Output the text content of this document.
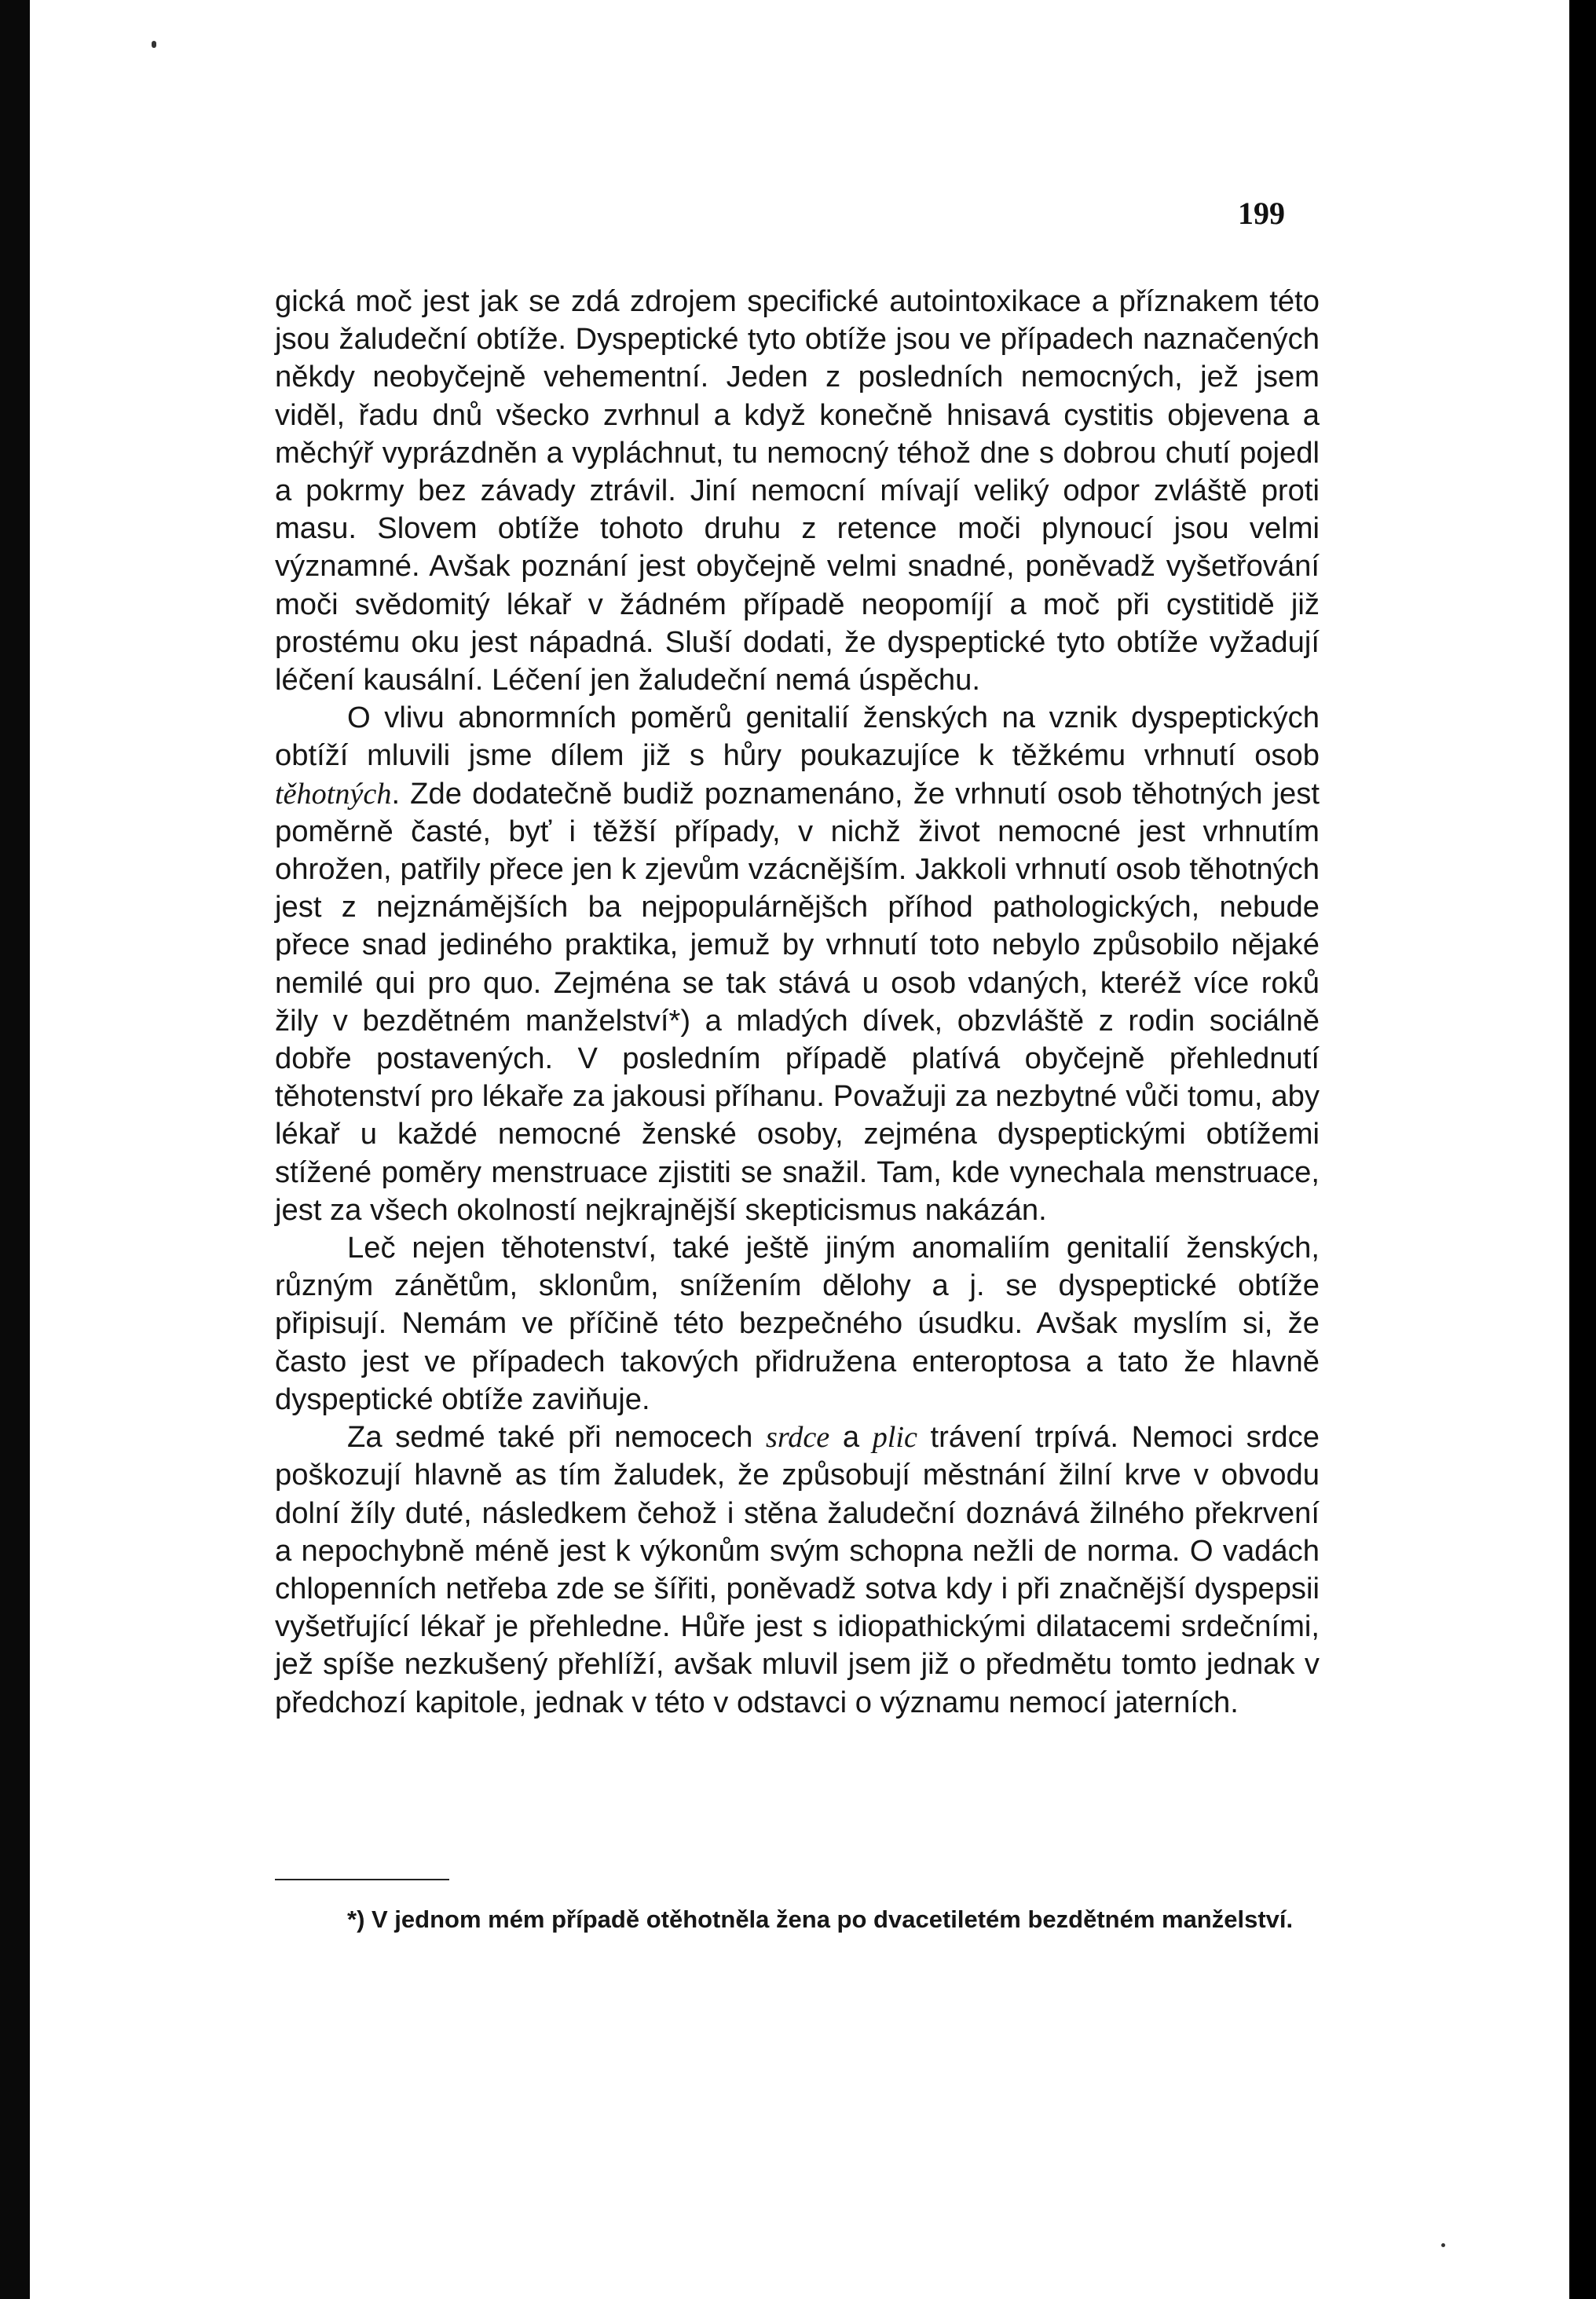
199

gická moč jest jak se zdá zdrojem specifické autointoxikace a příznakem této jsou žaludeční obtíže. Dyspeptické tyto obtíže jsou ve případech naznačených někdy neobyčejně vehementní. Jeden z posledních nemocných, jež jsem viděl, řadu dnů všecko zvrhnul a když konečně hnisavá cystitis objevena a měchýř vyprázdněn a vypláchnut, tu nemocný téhož dne s dobrou chutí pojedl a pokrmy bez závady ztrávil. Jiní nemocní mívají veliký odpor zvláště proti masu. Slovem obtíže tohoto druhu z retence moči plynoucí jsou velmi významné. Avšak poznání jest obyčejně velmi snadné, poněvadž vyšetřování moči svědomitý lékař v žádném případě neopomíjí a moč při cystitidě již prostému oku jest nápadná. Sluší dodati, že dyspeptické tyto obtíže vyžadují léčení kausální. Léčení jen žaludeční nemá úspěchu.

O vlivu abnormních poměrů genitalií ženských na vznik dyspeptických obtíží mluvili jsme dílem již s hůry poukazujíce k těžkému vrhnutí osob těhotných. Zde dodatečně budiž poznamenáno, že vrhnutí osob těhotných jest poměrně časté, byť i těžší případy, v nichž život nemocné jest vrhnutím ohrožen, patřily přece jen k zjevům vzácnějším. Jakkoli vrhnutí osob těhotných jest z nejznámějších ba nejpopulárnějšch příhod pathologických, nebude přece snad jediného praktika, jemuž by vrhnutí toto nebylo způsobilo nějaké nemilé qui pro quo. Zejména se tak stává u osob vdaných, kteréž více roků žily v bezdětném manželství*) a mladých dívek, obzvláště z rodin sociálně dobře postavených. V posledním případě platívá obyčejně přehlednutí těhotenství pro lékaře za jakousi příhanu. Považuji za nezbytné vůči tomu, aby lékař u každé nemocné ženské osoby, zejména dyspeptickými obtížemi stížené poměry menstruace zjistiti se snažil. Tam, kde vynechala menstruace, jest za všech okolností nejkrajnější skepticismus nakázán.

Leč nejen těhotenství, také ještě jiným anomaliím genitalií ženských, různým zánětům, sklonům, snížením dělohy a j. se dyspeptické obtíže připisují. Nemám ve příčině této bezpečného úsudku. Avšak myslím si, že často jest ve případech takových přidružena enteroptosa a tato že hlavně dyspeptické obtíže zaviňuje.

Za sedmé také při nemocech srdce a plic trávení trpívá. Nemoci srdce poškozují hlavně as tím žaludek, že způsobují městnání žilní krve v obvodu dolní žíly duté, následkem čehož i stěna žaludeční doznává žilného překrvení a nepochybně méně jest k výkonům svým schopna nežli de norma. O vadách chlopenních netřeba zde se šířiti, poněvadž sotva kdy i při značnější dyspepsii vyšetřující lékař je přehledne. Hůře jest s idiopathickými dilatacemi srdečními, jež spíše nezkušený přehlíží, avšak mluvil jsem již o předmětu tomto jednak v předchozí kapitole, jednak v této v odstavci o významu nemocí jaterních.

*) V jednom mém případě otěhotněla žena po dvacetiletém bezdětném manželství.
